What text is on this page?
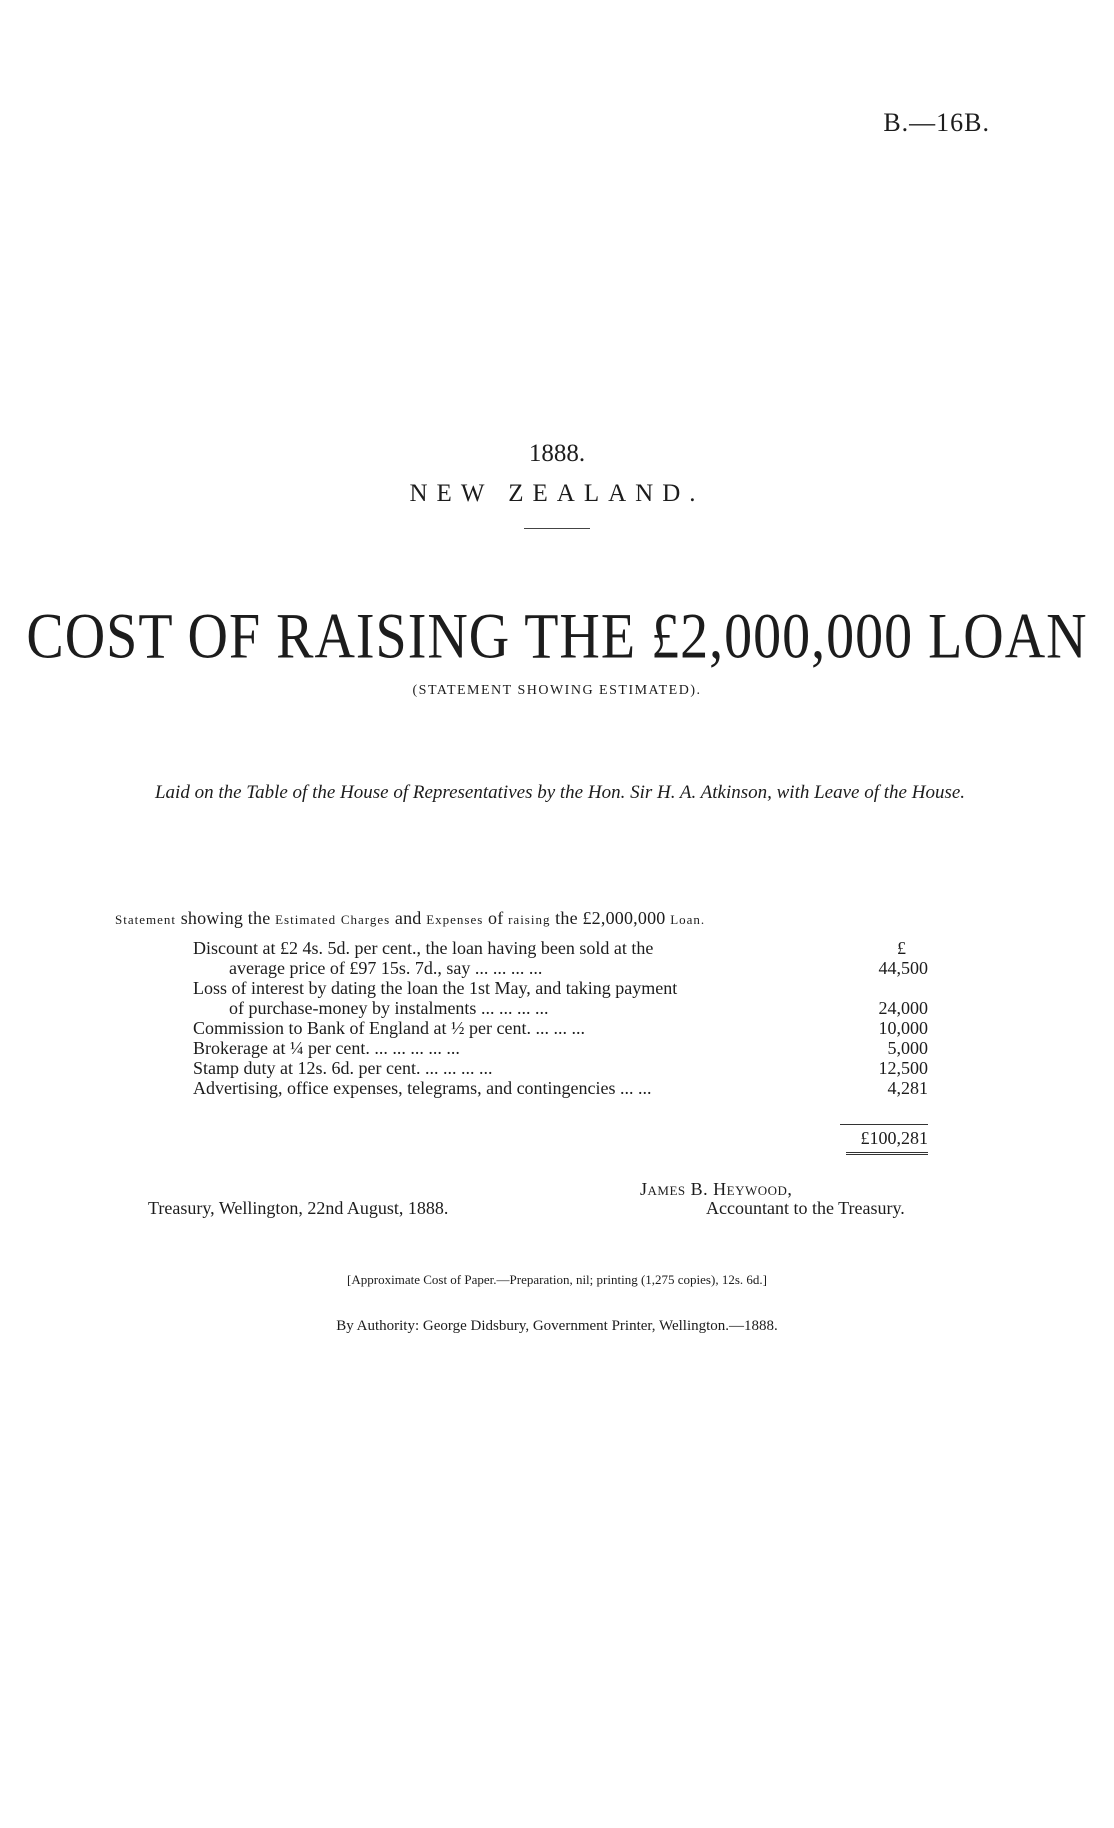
B.—16B.
1888.
NEW ZEALAND.
COST OF RAISING THE £2,000,000 LOAN
(STATEMENT SHOWING ESTIMATED).
Laid on the Table of the House of Representatives by the Hon. Sir H. A. Atkinson, with Leave of the House.
Statement showing the Estimated Charges and Expenses of raising the £2,000,000 Loan.
Discount at £2 4s. 5d. per cent., the loan having been sold at the	£
average price of £97 15s. 7d., say ... ... ... ...	44,500
Loss of interest by dating the loan the 1st May, and taking payment
of purchase-money by instalments ... ... ... ...	24,000
Commission to Bank of England at ½ per cent. ... ... ...	10,000
Brokerage at ¼ per cent. ... ... ... ... ...	5,000
Stamp duty at 12s. 6d. per cent. ... ... ... ...	12,500
Advertising, office expenses, telegrams, and contingencies ... ...	4,281
£100,281
James B. Heywood,
Accountant to the Treasury.
Treasury, Wellington, 22nd August, 1888.
[Approximate Cost of Paper.—Preparation, nil; printing (1,275 copies), 12s. 6d.]
By Authority: George Didsbury, Government Printer, Wellington.—1888.
